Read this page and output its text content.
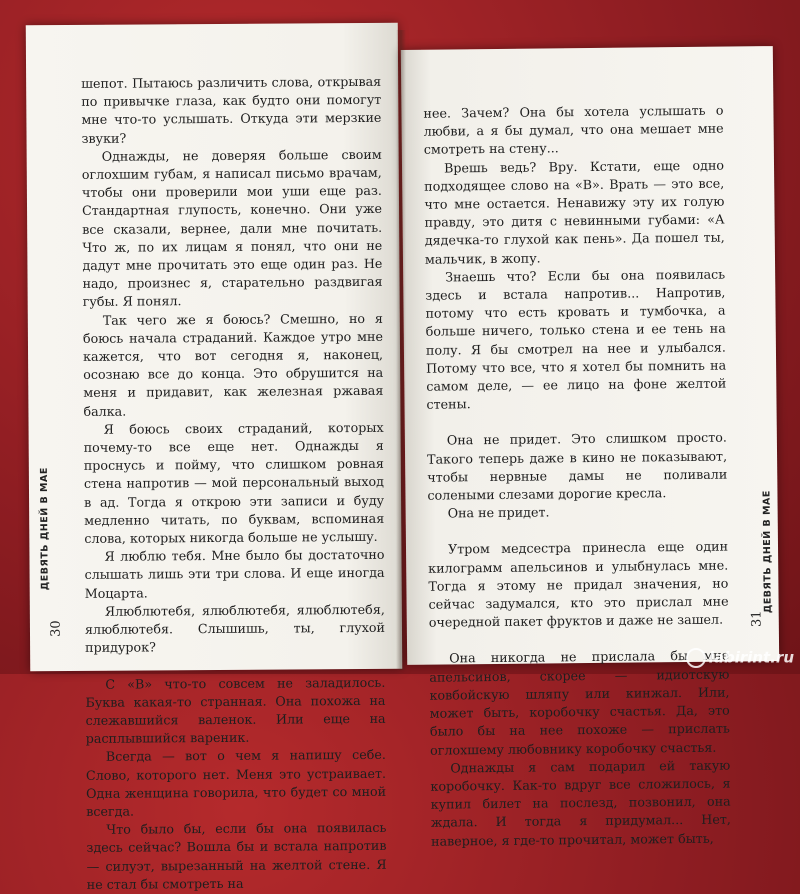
шепот. Пытаюсь различить слова, открывая по привычке глаза, как будто они помогут мне что-то услышать. Откуда эти мерзкие звуки?

Однажды, не доверяя больше своим оглохшим губам, я написал письмо врачам, чтобы они проверили мои уши еще раз. Стандартная глупость, конечно. Они уже все сказали, вернее, дали мне почитать. Что ж, по их лицам я понял, что они не дадут мне прочитать это еще один раз. Не надо, произнес я, старательно раздвигая губы. Я понял.

Так чего же я боюсь? Смешно, но я боюсь начала страданий. Каждое утро мне кажется, что вот сегодня я, наконец, осознаю все до конца. Это обрушится на меня и придавит, как железная ржавая балка.

Я боюсь своих страданий, которых почему-то все еще нет. Однажды я проснусь и пойму, что слишком ровная стена напротив — мой персональный выход в ад. Тогда я открою эти записи и буду медленно читать, по буквам, вспоминая слова, которых никогда больше не услышу.

Я люблю тебя. Мне было бы достаточно слышать лишь эти три слова. И еще иногда Моцарта.

Ялюблютебя, ялюблютебя, ялюблютебя, ялюблютебя. Слышишь, ты, глухой придурок?

С «В» что-то совсем не заладилось. Буква какая-то странная. Она похожа на слежавшийся валенок. Или еще на расплывшийся вареник.

Всегда — вот о чем я напишу себе. Слово, которого нет. Меня это устраивает. Одна женщина говорила, что будет со мной всегда.

Что было бы, если бы она появилась здесь сейчас? Вошла бы и встала напротив — силуэт, вырезанный на желтой стене. Я не стал бы смотреть на

30
ДЕВЯТЬ ДНЕЙ В МАЕ

нее. Зачем? Она бы хотела услышать о любви, а я бы думал, что она мешает мне смотреть на стену...

Врешь ведь? Вру. Кстати, еще одно подходящее слово на «В». Врать — это все, что мне остается. Ненавижу эту их голую правду, это дитя с невинными губами: «А дядечка-то глухой как пень». Да пошел ты, мальчик, в жопу.

Знаешь что? Если бы она появилась здесь и встала напротив... Напротив, потому что есть кровать и тумбочка, а больше ничего, только стена и ее тень на полу. Я бы смотрел на нее и улыбался. Потому что все, что я хотел бы помнить на самом деле, — ее лицо на фоне желтой стены.

Она не придет. Это слишком просто. Такого теперь даже в кино не показывают, чтобы нервные дамы не поливали солеными слезами дорогие кресла.

Она не придет.

Утром медсестра принесла еще один килограмм апельсинов и улыбнулась мне. Тогда я этому не придал значения, но сейчас задумался, кто это прислал мне очередной пакет фруктов и даже не зашел.

Она никогда не прислала бы мне апельсинов, скорее — идиотскую ковбойскую шляпу или кинжал. Или, может быть, коробочку счастья. Да, это было бы на нее похоже — прислать оглохшему любовнику коробочку счастья.

Однажды я сам подарил ей такую коробочку. Как-то вдруг все сложилось, я купил билет на послезд, позвонил, она ждала. И тогда я придумал... Нет, наверное, я где-то прочитал, может быть,

31
ДЕВЯТЬ ДНЕЙ В МАЕ
labirint.ru
